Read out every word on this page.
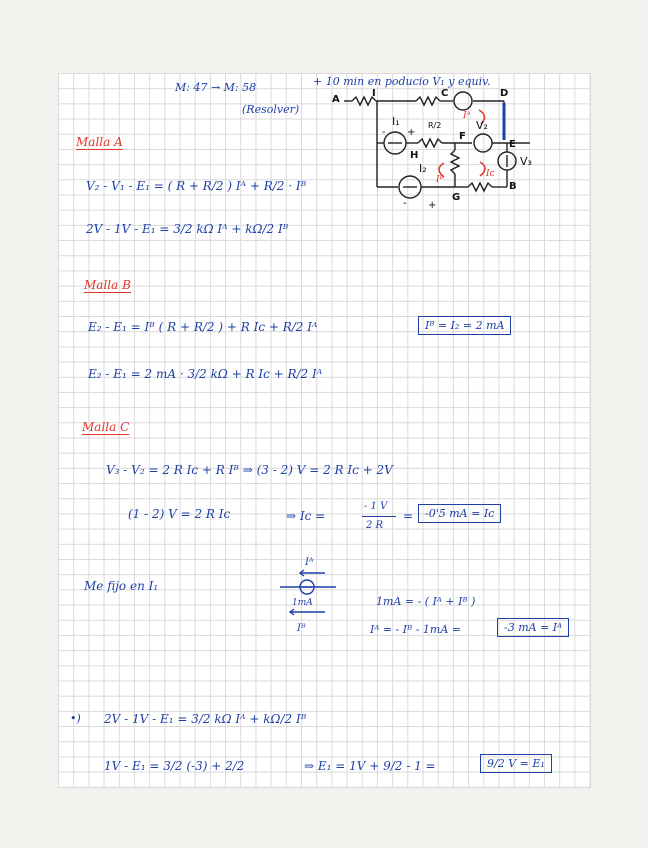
M: 47 → M: 58
(Resolver)
+ 10 min en poducio V₁ y equiv.
A
I	C	D
E
F
H
G
B
I₁	V₂
I₂
V₃
R/2
Iᴬ
Iᴮ
Iᴄ
- +
- +
Malla A
V₂ - V₁ - E₁ = ( R + R/2 ) Iᴬ + R/2 · Iᴮ
2V - 1V - E₁ = 3/2 kΩ Iᴬ + kΩ/2 Iᴮ
Malla B
E₂ - E₁ = Iᴮ ( R + R/2 ) + R Iᴄ + R/2 Iᴬ	Iᴮ = I₂ = 2 mA
E₂ - E₁ = 2 mA · 3/2 kΩ + R Iᴄ + R/2 Iᴬ
Malla C
V₃ - V₂ = 2 R Iᴄ + R Iᴮ ⇒ (3 - 2) V = 2 R Iᴄ + 2V
(1 - 2) V = 2 R Iᴄ	⇒ Iᴄ =
- 1 V
2 R
=	-0'5 mA = Iᴄ
Me fijo en I₁
Iᴬ
1mA
Iᴮ
1mA = - ( Iᴬ + Iᴮ )
Iᴬ = - Iᴮ - 1mA =	-3 mA = Iᴬ
•) 2V - 1V - E₁ = 3/2 kΩ Iᴬ + kΩ/2 Iᴮ
1V - E₁ = 3/2 (-3) + 2/2	⇒ E₁ = 1V + 9/2 - 1 =	9/2 V = E₁
